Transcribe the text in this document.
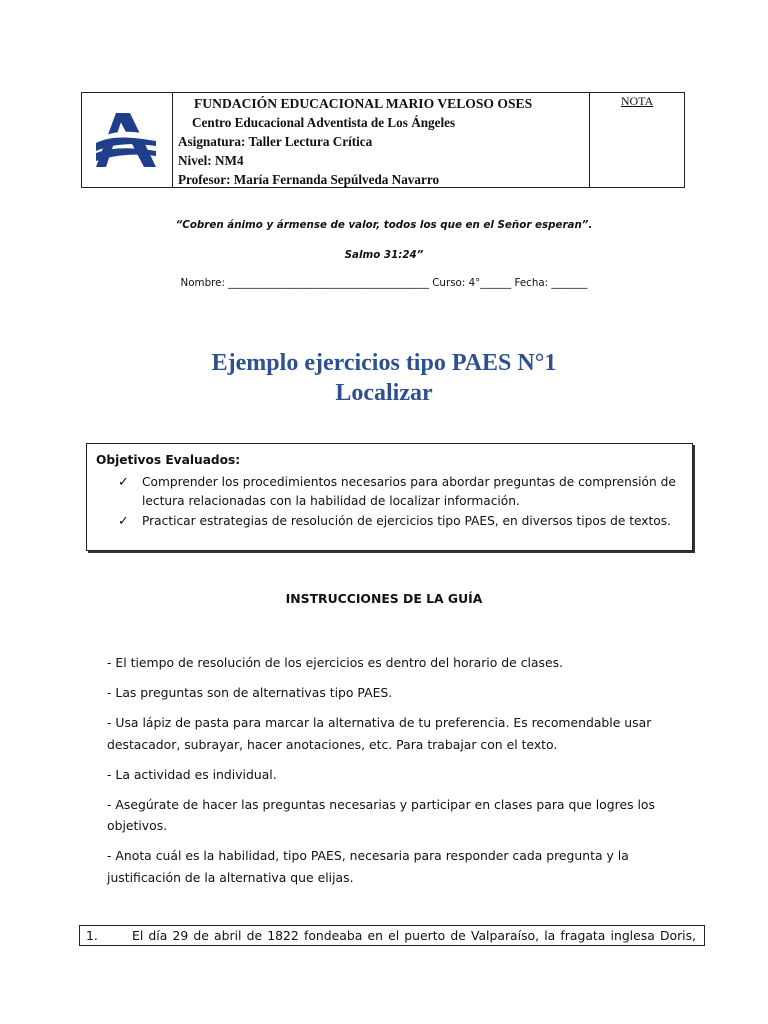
FUNDACIÓN EDUCACIONAL MARIO VELOSO OSES
Centro Educacional Adventista de Los Ángeles
Asignatura: Taller Lectura Crítica
Nivel: NM4
Profesor: María Fernanda Sepúlveda Navarro
NOTA
“Cobren ánimo y ármense de valor, todos los que en el Señor esperan”.
Salmo 31:24”
Nombre: _______________________________________ Curso: 4°______ Fecha: _______
Ejemplo ejercicios tipo PAES N°1
Localizar
Objetivos Evaluados:
✓ Comprender los procedimientos necesarios para abordar preguntas de comprensión de lectura relacionadas con la habilidad de localizar información.
✓ Practicar estrategias de resolución de ejercicios tipo PAES, en diversos tipos de textos.
INSTRUCCIONES DE LA GUÍA

- El tiempo de resolución de los ejercicios es dentro del horario de clases.

- Las preguntas son de alternativas tipo PAES.

- Usa lápiz de pasta para marcar la alternativa de tu preferencia. Es recomendable usar destacador, subrayar, hacer anotaciones, etc. Para trabajar con el texto.

- La actividad es individual.

- Asegúrate de hacer las preguntas necesarias y participar en clases para que logres los objetivos.

- Anota cuál es la habilidad, tipo PAES, necesaria para responder cada pregunta y la justificación de la alternativa que elijas.

1.	El día 29 de abril de 1822 fondeaba en el puerto de Valparaíso, la fragata inglesa Doris,
